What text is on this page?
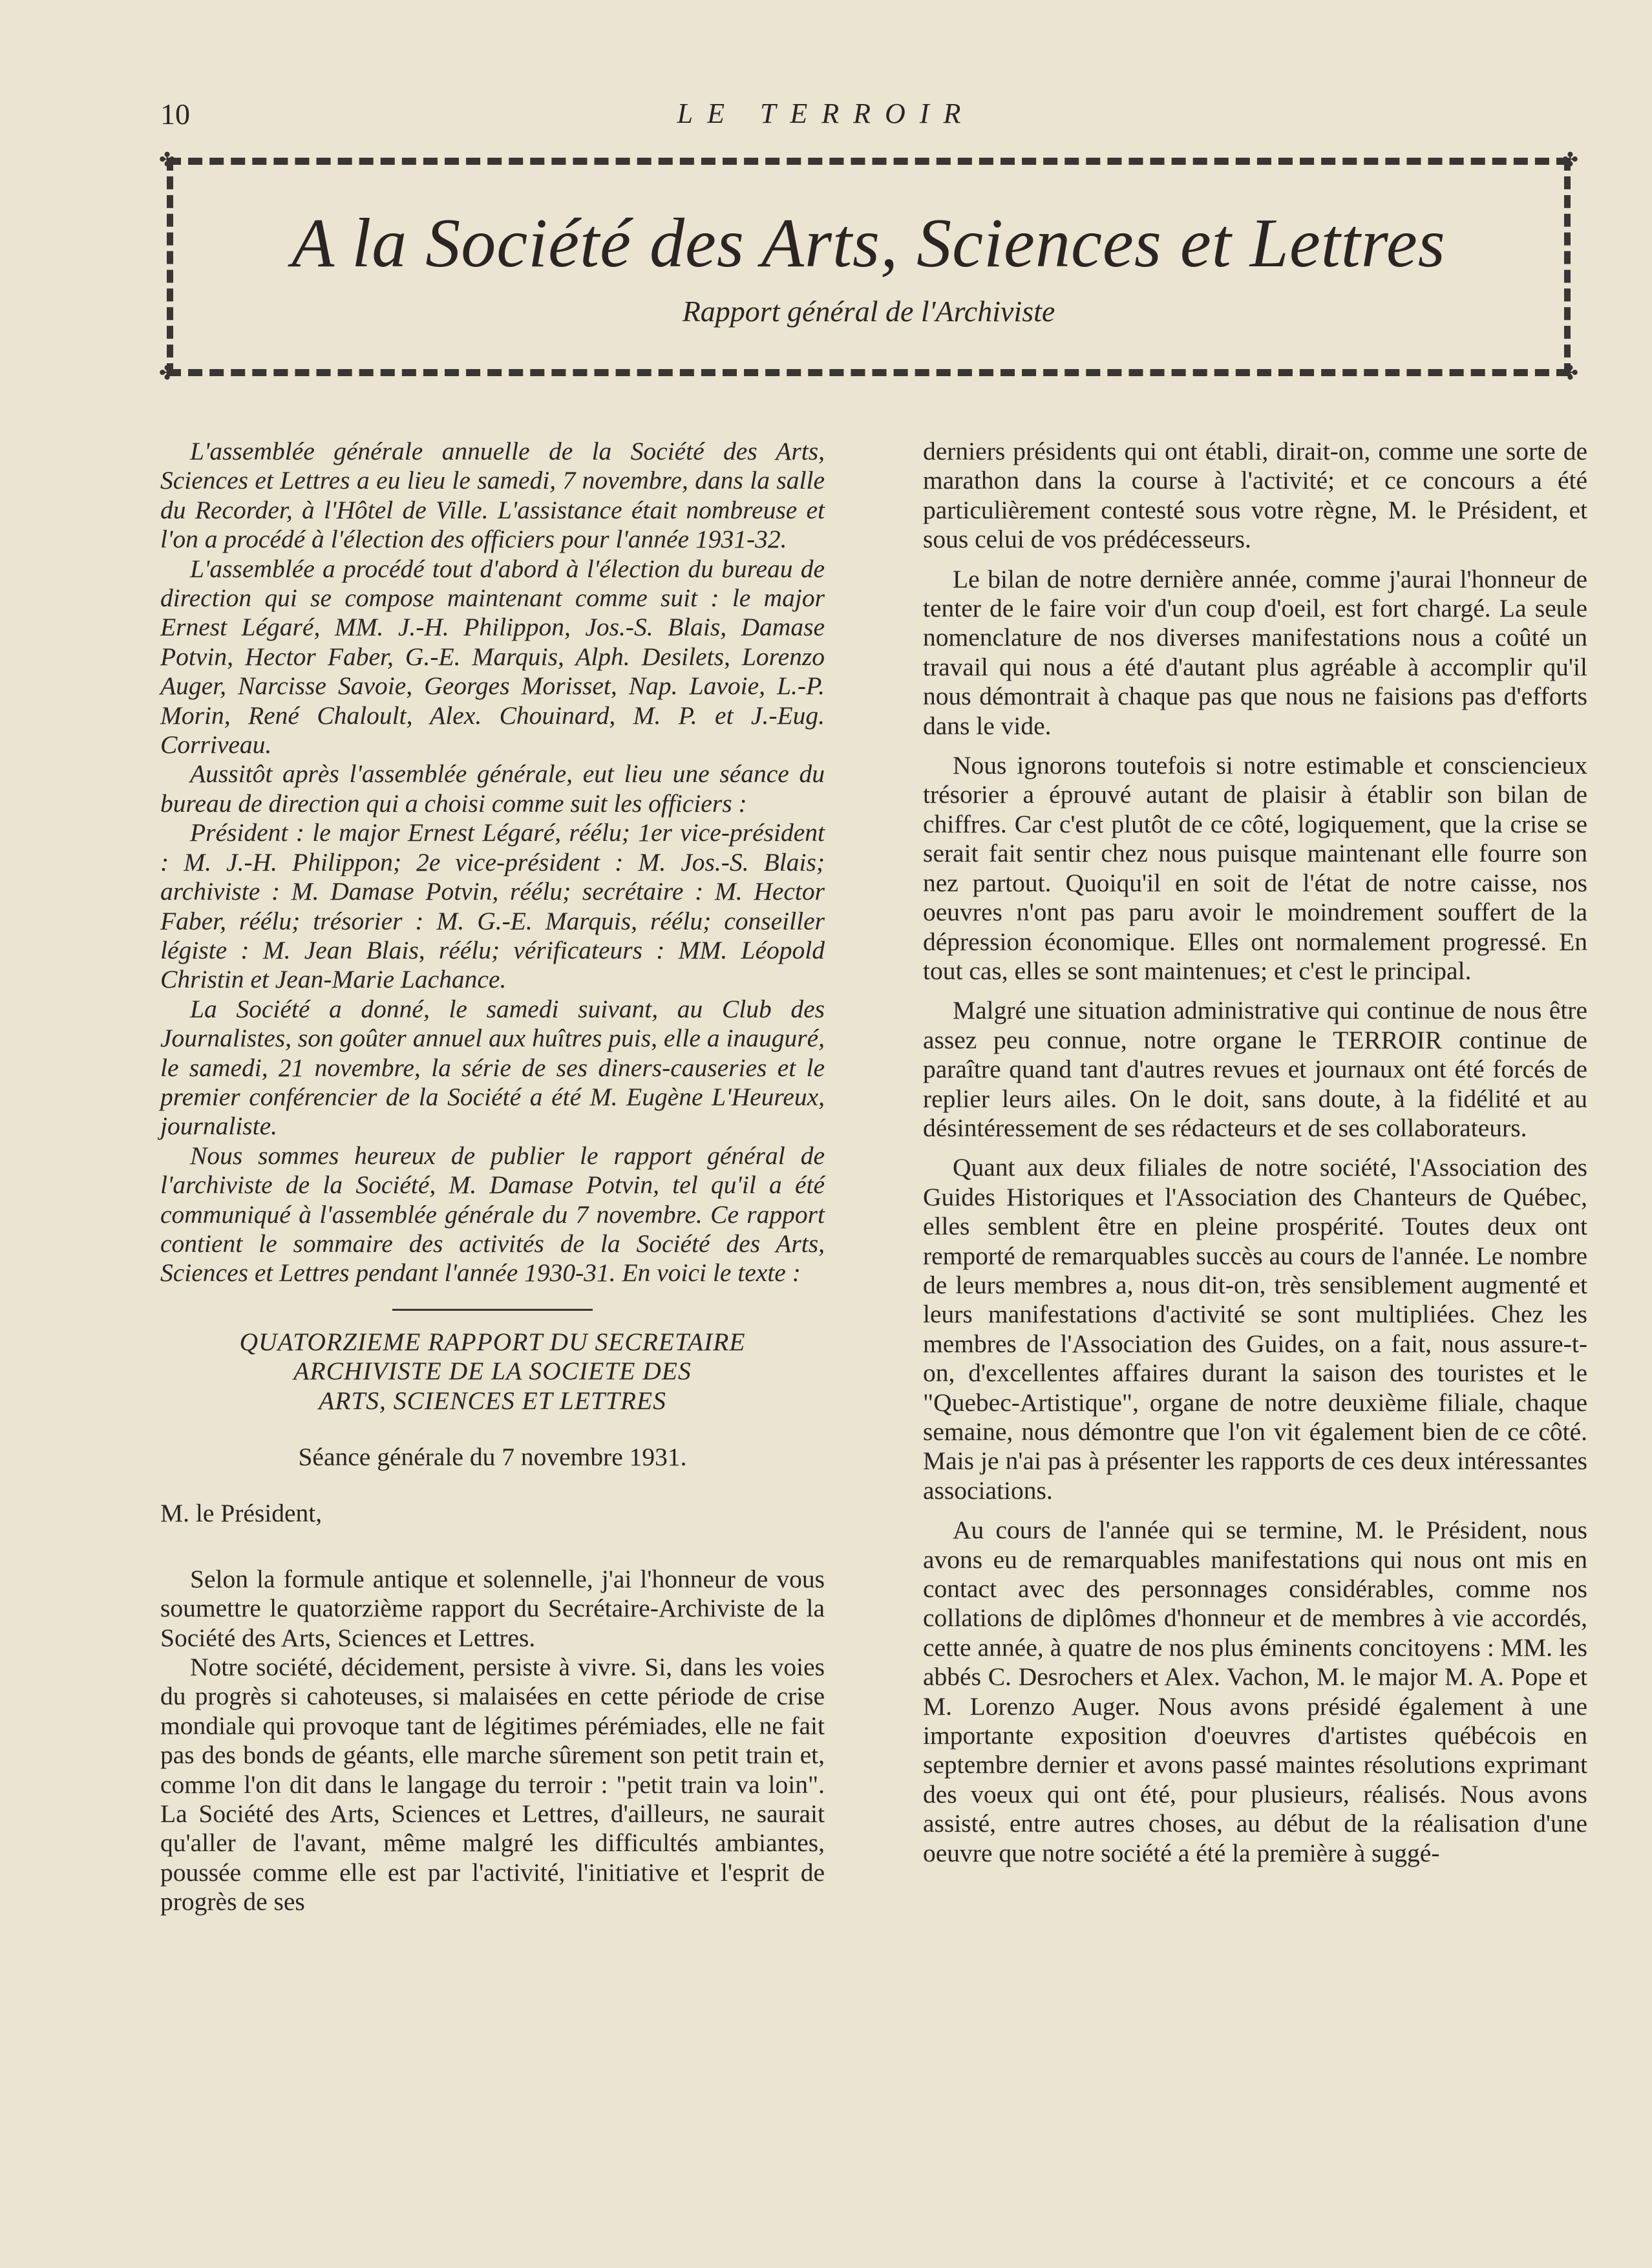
10	LE TERROIR
✤	✤
✤	✤
A la Société des Arts, Sciences et Lettres
Rapport général de l'Archiviste

L'assemblée générale annuelle de la Société des Arts, Sciences et Lettres a eu lieu le samedi, 7 novembre, dans la salle du Recorder, à l'Hôtel de Ville. L'assistance était nombreuse et l'on a procédé à l'élection des officiers pour l'année 1931-32.

L'assemblée a procédé tout d'abord à l'élection du bureau de direction qui se compose maintenant comme suit : le major Ernest Légaré, MM. J.-H. Philippon, Jos.-S. Blais, Damase Potvin, Hector Faber, G.-E. Marquis, Alph. Desilets, Lorenzo Auger, Narcisse Savoie, Georges Morisset, Nap. Lavoie, L.-P. Morin, René Chaloult, Alex. Chouinard, M. P. et J.-Eug. Corriveau.

Aussitôt après l'assemblée générale, eut lieu une séance du bureau de direction qui a choisi comme suit les officiers :

Président : le major Ernest Légaré, réélu; 1er vice-président : M. J.-H. Philippon; 2e vice-président : M. Jos.-S. Blais; archiviste : M. Damase Potvin, réélu; secrétaire : M. Hector Faber, réélu; trésorier : M. G.-E. Marquis, réélu; conseiller légiste : M. Jean Blais, réélu; vérificateurs : MM. Léopold Christin et Jean-Marie Lachance.

La Société a donné, le samedi suivant, au Club des Journalistes, son goûter annuel aux huîtres puis, elle a inauguré, le samedi, 21 novembre, la série de ses diners-causeries et le premier conférencier de la Société a été M. Eugène L'Heureux, journaliste.

Nous sommes heureux de publier le rapport général de l'archiviste de la Société, M. Damase Potvin, tel qu'il a été communiqué à l'assemblée générale du 7 novembre. Ce rapport contient le sommaire des activités de la Société des Arts, Sciences et Lettres pendant l'année 1930-31. En voici le texte :

QUATORZIEME RAPPORT DU SECRETAIRE
ARCHIVISTE DE LA SOCIETE DES
ARTS, SCIENCES ET LETTRES

Séance générale du 7 novembre 1931.

M. le Président,

Selon la formule antique et solennelle, j'ai l'honneur de vous soumettre le quatorzième rapport du Secrétaire-Archiviste de la Société des Arts, Sciences et Lettres.

Notre société, décidement, persiste à vivre. Si, dans les voies du progrès si cahoteuses, si malaisées en cette période de crise mondiale qui provoque tant de légitimes pérémiades, elle ne fait pas des bonds de géants, elle marche sûrement son petit train et, comme l'on dit dans le langage du terroir : "petit train va loin". La Société des Arts, Sciences et Lettres, d'ailleurs, ne saurait qu'aller de l'avant, même malgré les difficultés ambiantes, poussée comme elle est par l'activité, l'initiative et l'esprit de progrès de ses

derniers présidents qui ont établi, dirait-on, comme une sorte de marathon dans la course à l'activité; et ce concours a été particulièrement contesté sous votre règne, M. le Président, et sous celui de vos prédécesseurs.

Le bilan de notre dernière année, comme j'aurai l'honneur de tenter de le faire voir d'un coup d'oeil, est fort chargé. La seule nomenclature de nos diverses manifestations nous a coûté un travail qui nous a été d'autant plus agréable à accomplir qu'il nous démontrait à chaque pas que nous ne faisions pas d'efforts dans le vide.

Nous ignorons toutefois si notre estimable et consciencieux trésorier a éprouvé autant de plaisir à établir son bilan de chiffres. Car c'est plutôt de ce côté, logiquement, que la crise se serait fait sentir chez nous puisque maintenant elle fourre son nez partout. Quoiqu'il en soit de l'état de notre caisse, nos oeuvres n'ont pas paru avoir le moindrement souffert de la dépression économique. Elles ont normalement progressé. En tout cas, elles se sont maintenues; et c'est le principal.

Malgré une situation administrative qui continue de nous être assez peu connue, notre organe le TERROIR continue de paraître quand tant d'autres revues et journaux ont été forcés de replier leurs ailes. On le doit, sans doute, à la fidélité et au désintéressement de ses rédacteurs et de ses collaborateurs.

Quant aux deux filiales de notre société, l'Association des Guides Historiques et l'Association des Chanteurs de Québec, elles semblent être en pleine prospérité. Toutes deux ont remporté de remarquables succès au cours de l'année. Le nombre de leurs membres a, nous dit-on, très sensiblement augmenté et leurs manifestations d'activité se sont multipliées. Chez les membres de l'Association des Guides, on a fait, nous assure-t-on, d'excellentes affaires durant la saison des touristes et le "Quebec-Artistique", organe de notre deuxième filiale, chaque semaine, nous démontre que l'on vit également bien de ce côté. Mais je n'ai pas à présenter les rapports de ces deux intéressantes associations.

Au cours de l'année qui se termine, M. le Président, nous avons eu de remarquables manifestations qui nous ont mis en contact avec des personnages considérables, comme nos collations de diplômes d'honneur et de membres à vie accordés, cette année, à quatre de nos plus éminents concitoyens : MM. les abbés C. Desrochers et Alex. Vachon, M. le major M. A. Pope et M. Lorenzo Auger. Nous avons présidé également à une importante exposition d'oeuvres d'artistes québécois en septembre dernier et avons passé maintes résolutions exprimant des voeux qui ont été, pour plusieurs, réalisés. Nous avons assisté, entre autres choses, au début de la réalisation d'une oeuvre que notre société a été la première à suggé-
